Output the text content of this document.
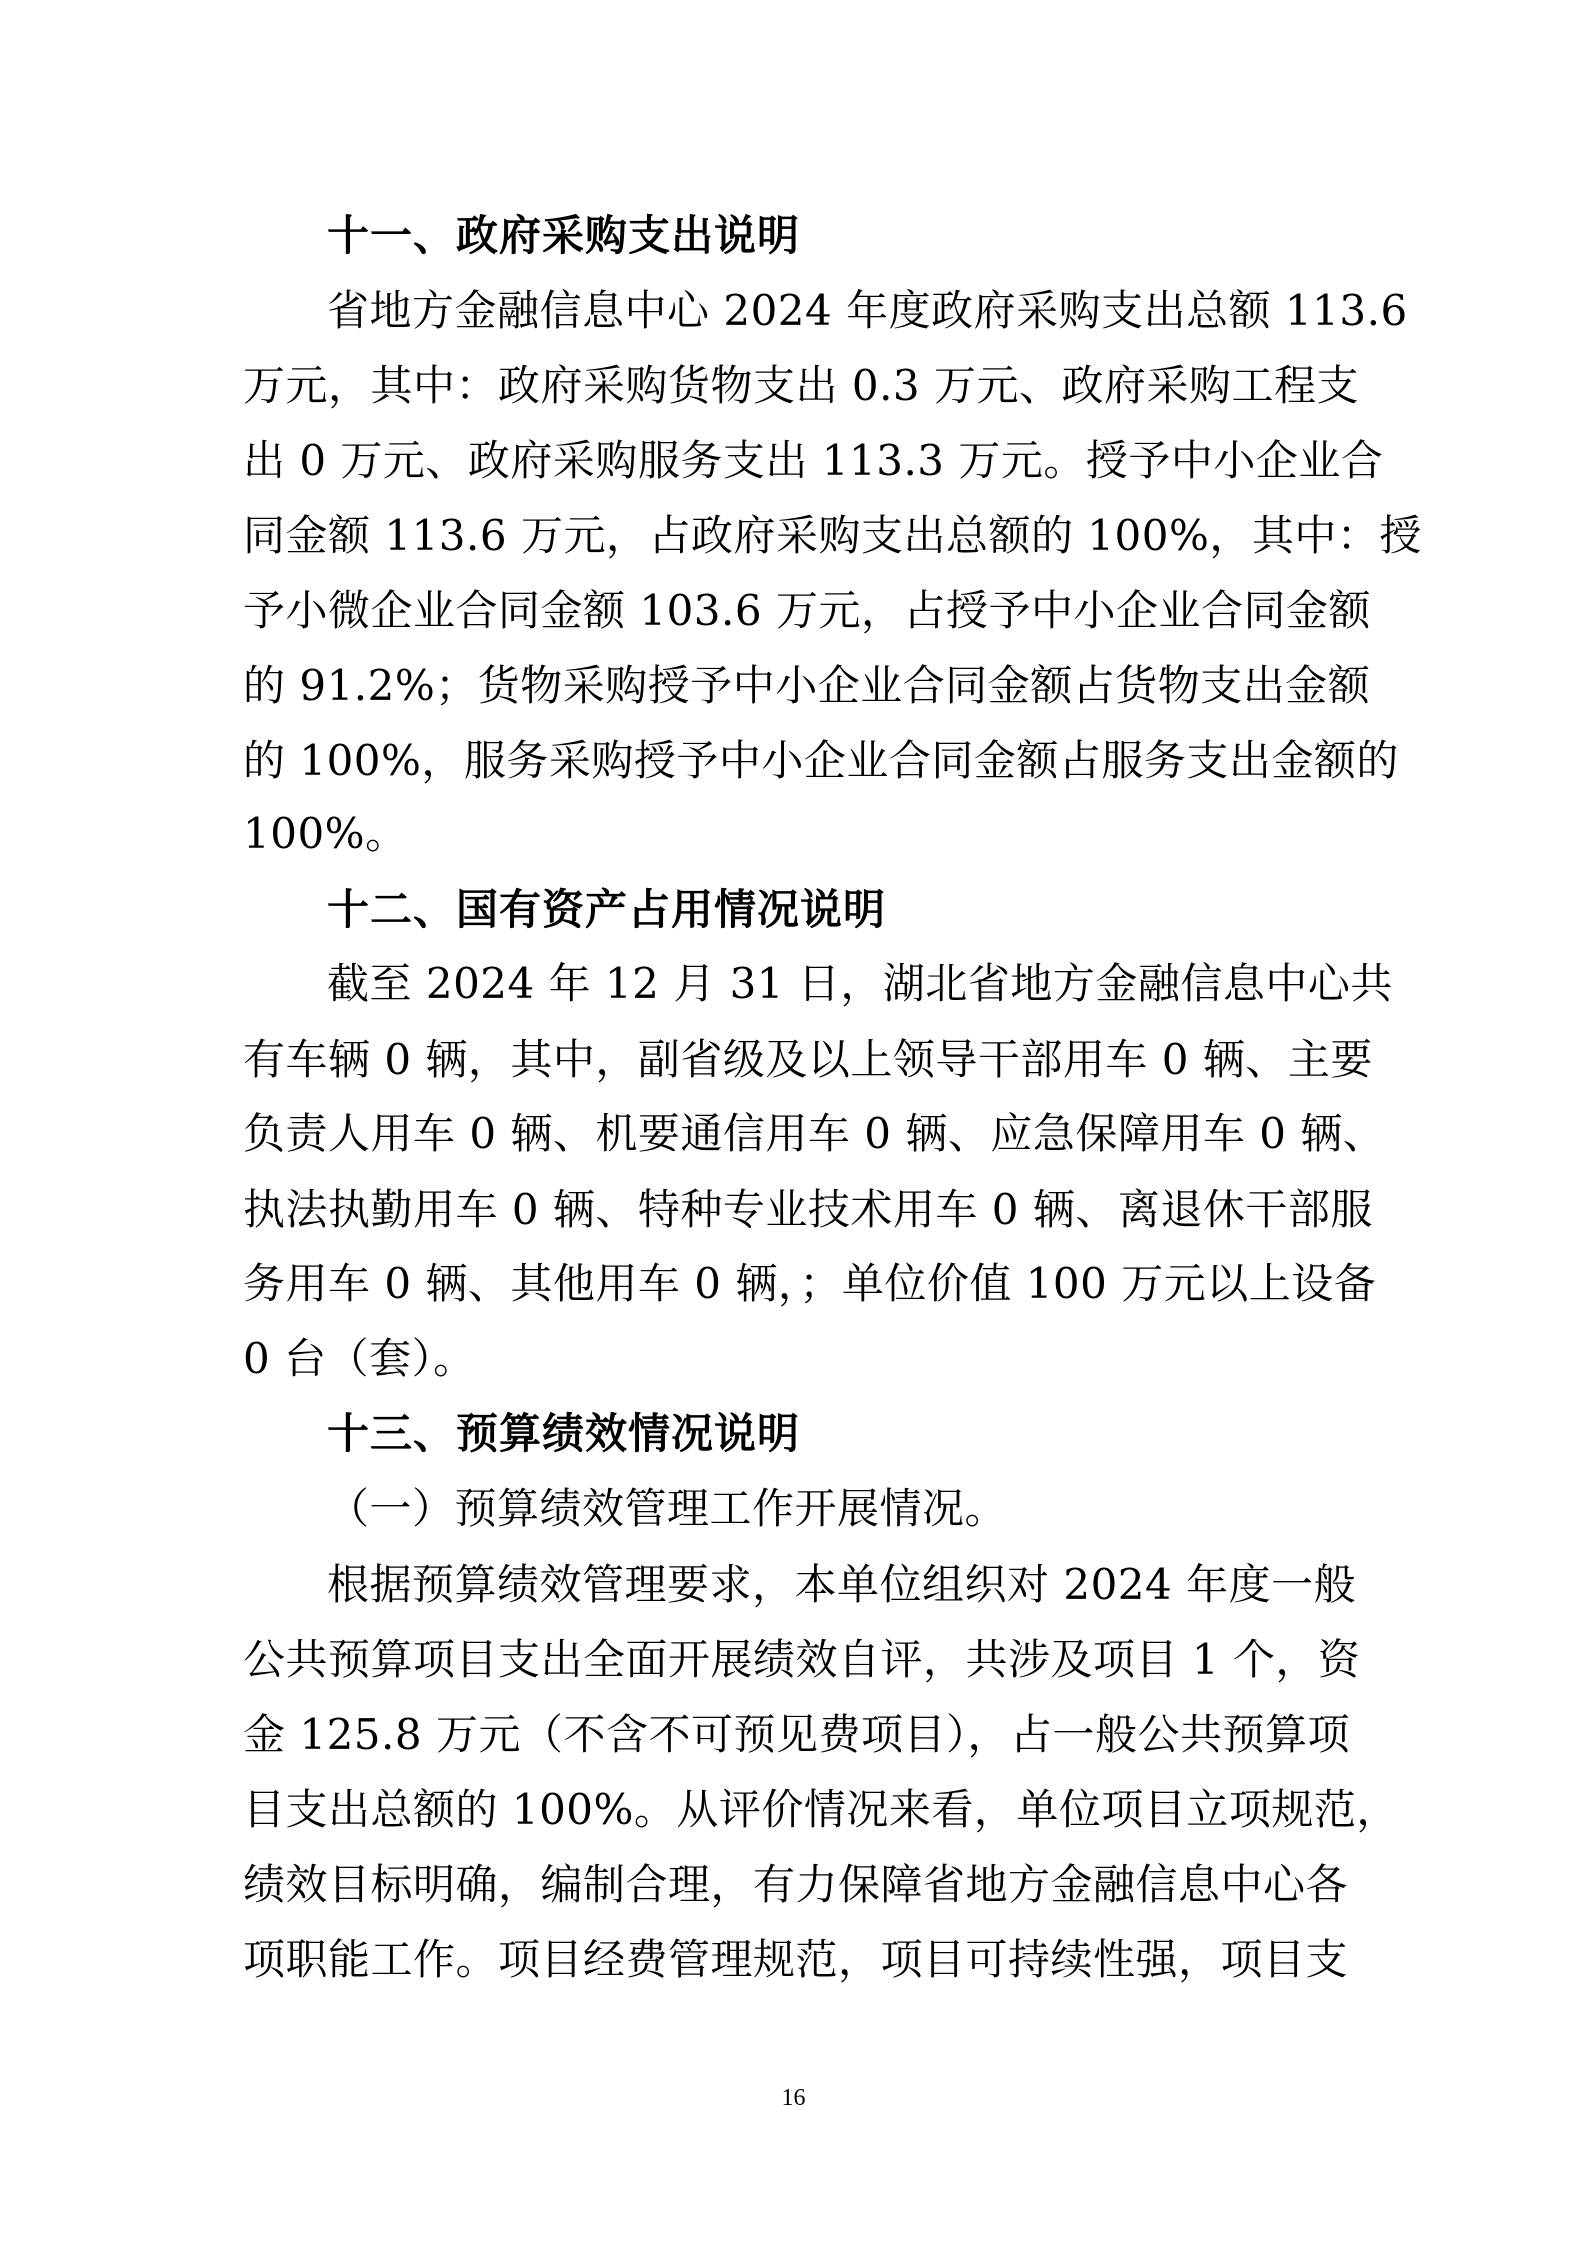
十一、政府采购支出说明
省地方金融信息中心 2024 年度政府采购支出总额 113.6
万元，其中：政府采购货物支出 0.3 万元、政府采购工程支
出 0 万元、政府采购服务支出 113.3 万元。授予中小企业合
同金额 113.6 万元，占政府采购支出总额的 100%，其中：授
予小微企业合同金额 103.6 万元，占授予中小企业合同金额
的 91.2%；货物采购授予中小企业合同金额占货物支出金额
的 100%，服务采购授予中小企业合同金额占服务支出金额的
100%。
十二、国有资产占用情况说明
截至 2024 年 12 月 31 日，湖北省地方金融信息中心共
有车辆 0 辆，其中，副省级及以上领导干部用车 0 辆、主要
负责人用车 0 辆、机要通信用车 0 辆、应急保障用车 0 辆、
执法执勤用车 0 辆、特种专业技术用车 0 辆、离退休干部服
务用车 0 辆、其他用车 0 辆，；单位价值 100 万元以上设备
0 台（套）。
十三、预算绩效情况说明
（一）预算绩效管理工作开展情况。
根据预算绩效管理要求，本单位组织对 2024 年度一般
公共预算项目支出全面开展绩效自评，共涉及项目 1 个，资
金 125.8 万元（不含不可预见费项目），占一般公共预算项
目支出总额的 100%。从评价情况来看，单位项目立项规范，
绩效目标明确，编制合理，有力保障省地方金融信息中心各
项职能工作。项目经费管理规范，项目可持续性强，项目支
16
